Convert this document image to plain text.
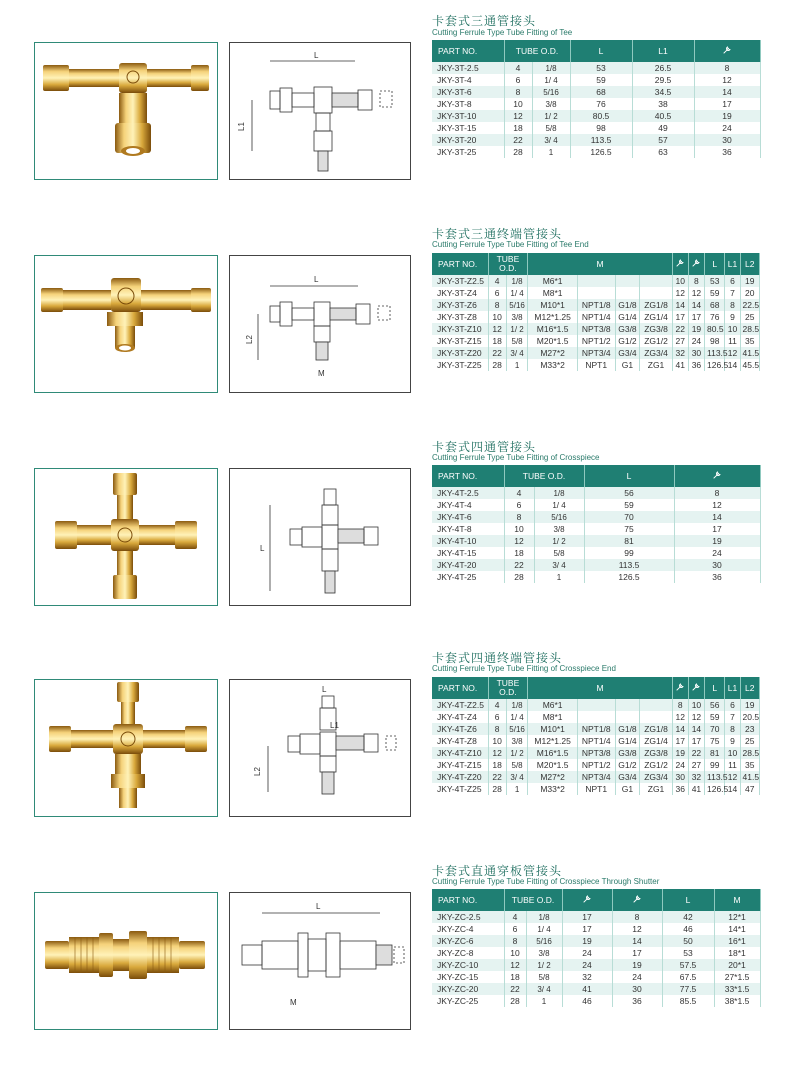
L
L1
卡套式三通管接头
Cutting Ferrule Type Tube Fitting of Tee
PART NO.	TUBE O.D.		L	L1	
JKY-3T-2.5	4	1/8	53	26.5	8
JKY-3T-4	6	1/ 4	59	29.5	12
JKY-3T-6	8	5/16	68	34.5	14
JKY-3T-8	10	3/8	76	38	17
JKY-3T-10	12	1/ 2	80.5	40.5	19
JKY-3T-15	18	5/8	98	49	24
JKY-3T-20	22	3/ 4	113.5	57	30
JKY-3T-25	28	1	126.5	63	36
L
L2
M
卡套式三通终端管接头
Cutting Ferrule Type Tube Fitting of Tee End
PART NO.	TUBE O.D.		M						L	L1	L2
JKY-3T-Z2.5	4	1/8	M6*1				10	8	53	6	19
JKY-3T-Z4	6	1/ 4	M8*1				12	12	59	7	20
JKY-3T-Z6	8	5/16	M10*1	NPT1/8	G1/8	ZG1/8	14	14	68	8	22.5
JKY-3T-Z8	10	3/8	M12*1.25	NPT1/4	G1/4	ZG1/4	17	17	76	9	25
JKY-3T-Z10	12	1/ 2	M16*1.5	NPT3/8	G3/8	ZG3/8	22	19	80.5	10	28.5
JKY-3T-Z15	18	5/8	M20*1.5	NPT1/2	G1/2	ZG1/2	27	24	98	11	35
JKY-3T-Z20	22	3/ 4	M27*2	NPT3/4	G3/4	ZG3/4	32	30	113.5	12	41.5
JKY-3T-Z25	28	1	M33*2	NPT1	G1	ZG1	41	36	126.5	14	45.5
L
卡套式四通管接头
Cutting Ferrule Type Tube Fitting of Crosspiece
PART NO.	TUBE O.D.		L	
JKY-4T-2.5	4	1/8	56	8
JKY-4T-4	6	1/ 4	59	12
JKY-4T-6	8	5/16	70	14
JKY-4T-8	10	3/8	75	17
JKY-4T-10	12	1/ 2	81	19
JKY-4T-15	18	5/8	99	24
JKY-4T-20	22	3/ 4	113.5	30
JKY-4T-25	28	1	126.5	36
L
L1
L2
卡套式四通终端管接头
Cutting Ferrule Type Tube Fitting of Crosspiece End
PART NO.	TUBE O.D.		M						L	L1	L2
JKY-4T-Z2.5	4	1/8	M6*1				8	10	56	6	19
JKY-4T-Z4	6	1/ 4	M8*1				12	12	59	7	20.5
JKY-4T-Z6	8	5/16	M10*1	NPT1/8	G1/8	ZG1/8	14	14	70	8	23
JKY-4T-Z8	10	3/8	M12*1.25	NPT1/4	G1/4	ZG1/4	17	17	75	9	25
JKY-4T-Z10	12	1/ 2	M16*1.5	NPT3/8	G3/8	ZG3/8	19	22	81	10	28.5
JKY-4T-Z15	18	5/8	M20*1.5	NPT1/2	G1/2	ZG1/2	24	27	99	11	35
JKY-4T-Z20	22	3/ 4	M27*2	NPT3/4	G3/4	ZG3/4	30	32	113.5	12	41.5
JKY-4T-Z25	28	1	M33*2	NPT1	G1	ZG1	36	41	126.5	14	47
L
M
卡套式直通穿板管接头
Cutting Ferrule Type Tube Fitting of Crosspiece Through Shutter
PART NO.	TUBE O.D.				L	M
JKY-ZC-2.5	4	1/8	17	8	42	12*1
JKY-ZC-4	6	1/ 4	17	12	46	14*1
JKY-ZC-6	8	5/16	19	14	50	16*1
JKY-ZC-8	10	3/8	24	17	53	18*1
JKY-ZC-10	12	1/ 2	24	19	57.5	20*1
JKY-ZC-15	18	5/8	32	24	67.5	27*1.5
JKY-ZC-20	22	3/ 4	41	30	77.5	33*1.5
JKY-ZC-25	28	1	46	36	85.5	38*1.5
